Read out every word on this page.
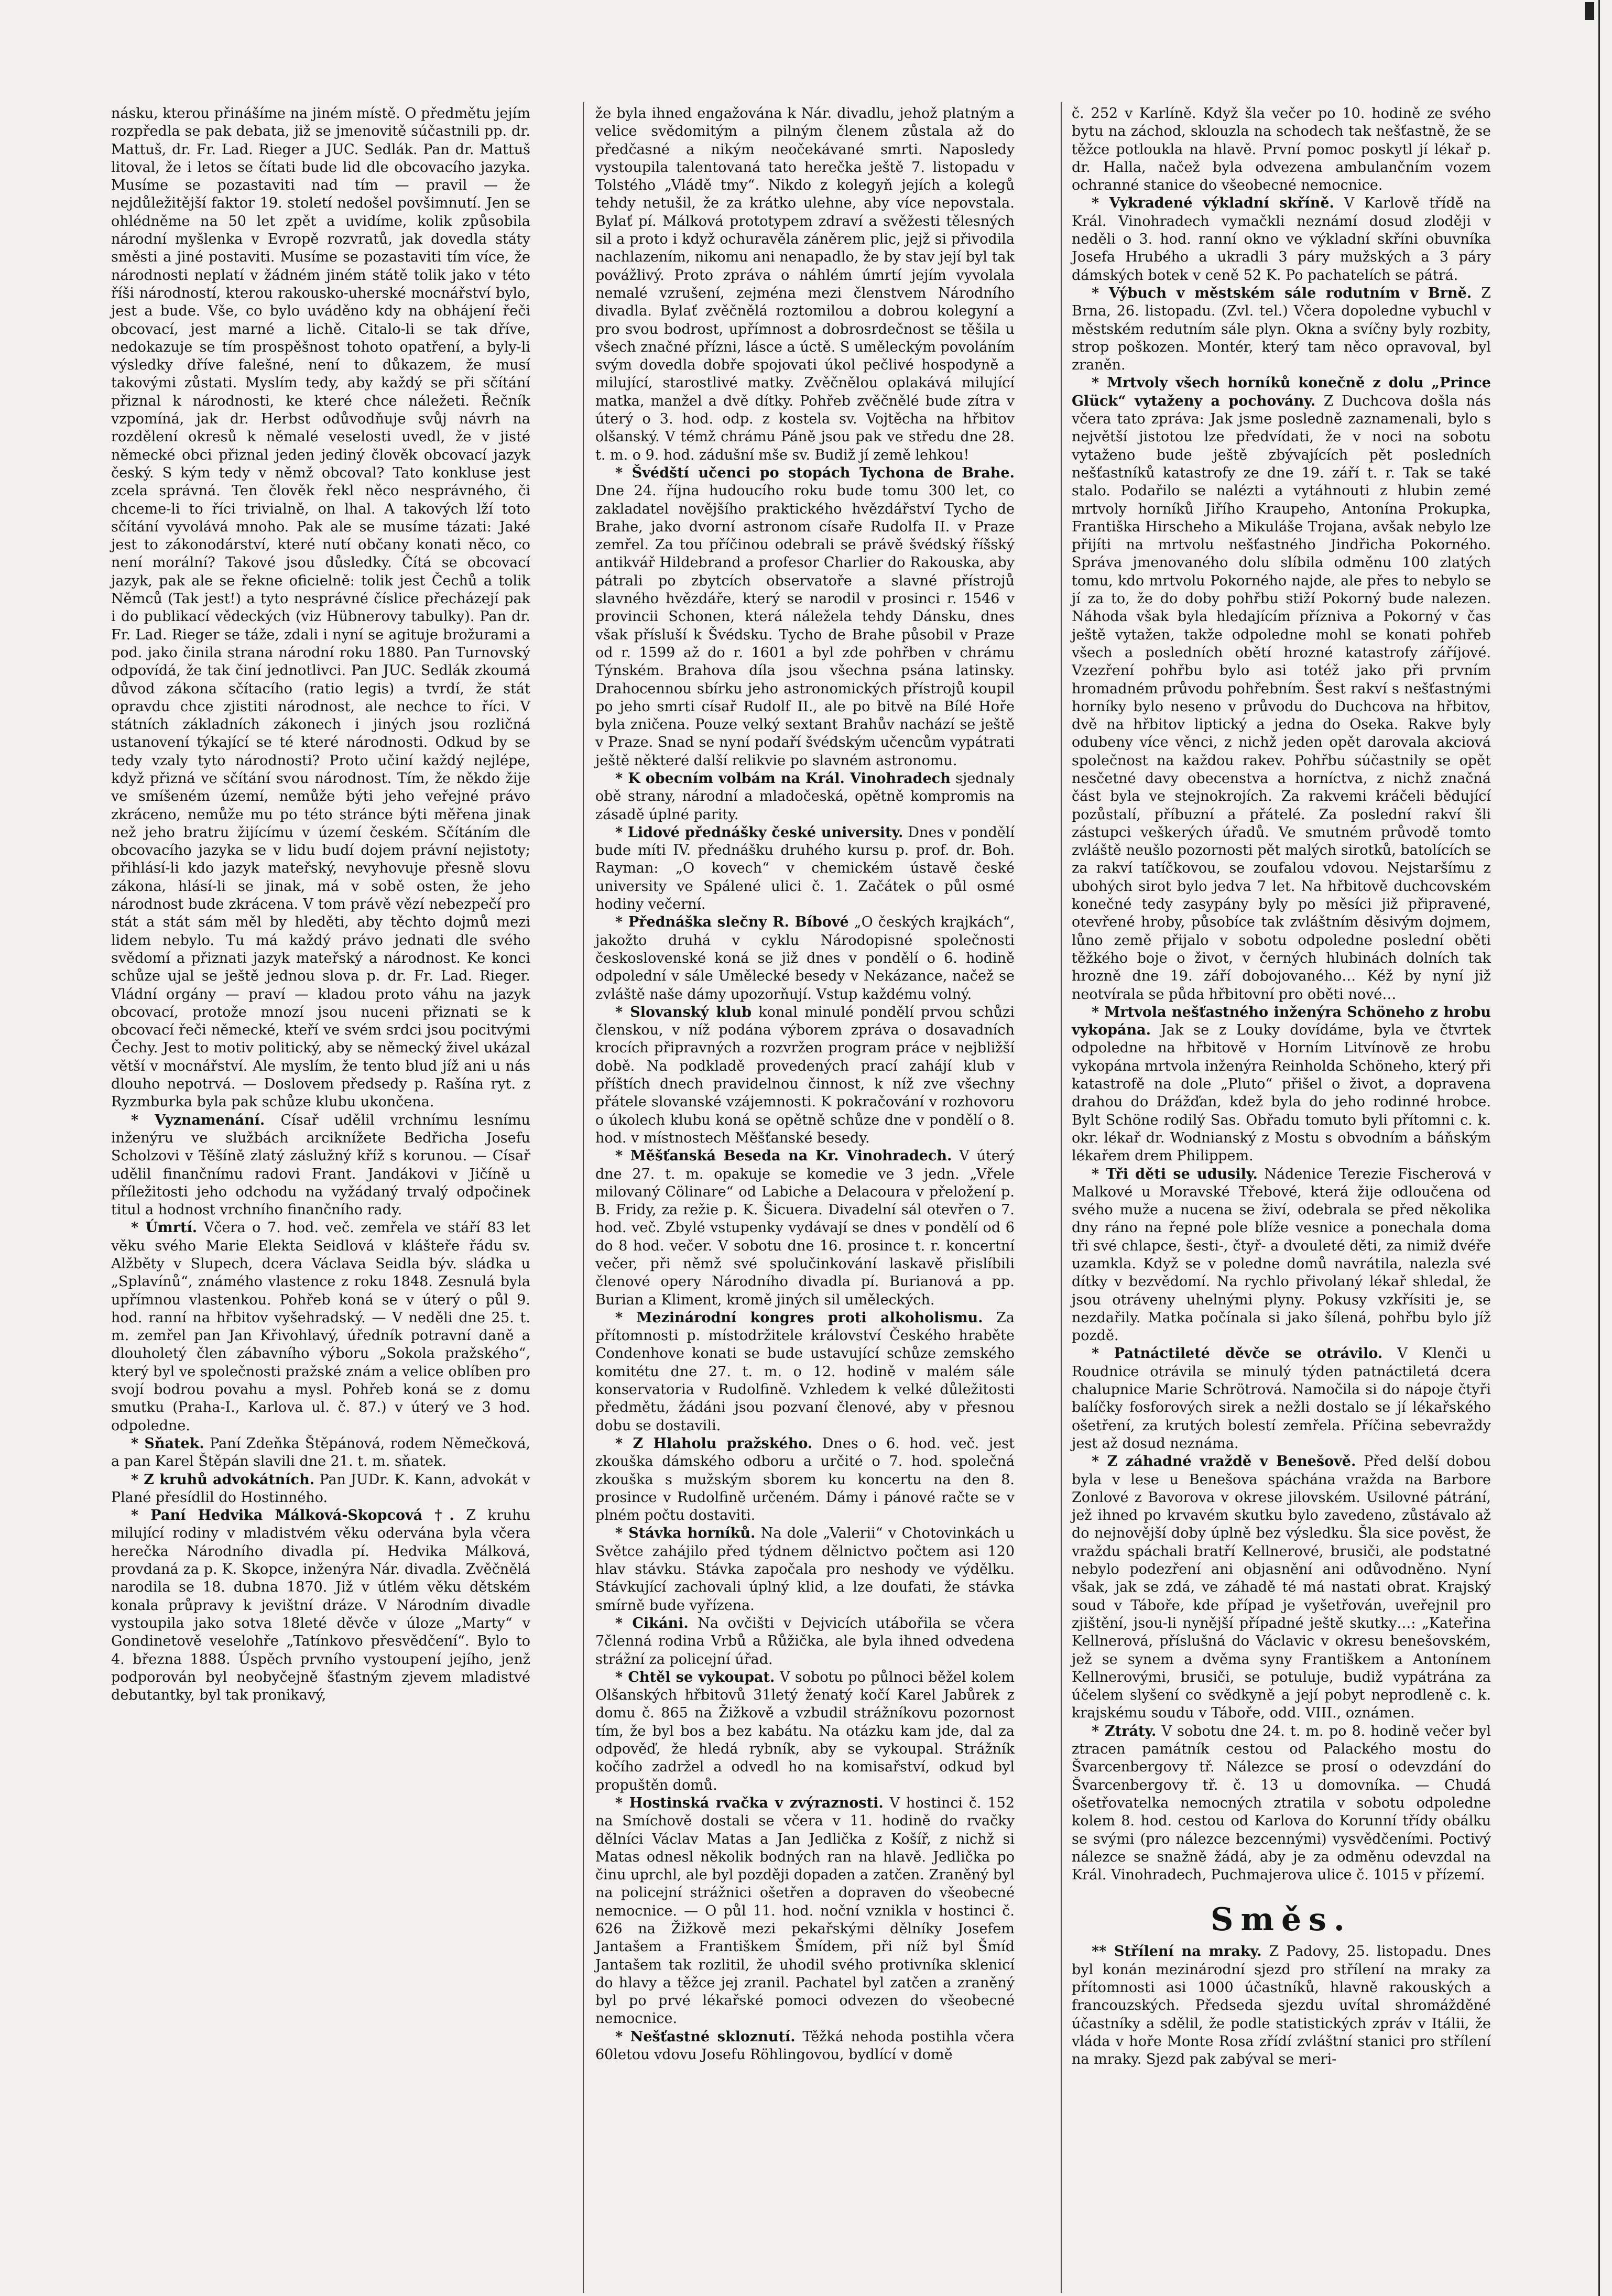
násku, kterou přinášíme na jiném místě. O předmětu jejím rozpředla se pak debata, již se jmenovitě súčastnili pp. dr. Mattuš, dr. Fr. Lad. Rieger a JUC. Sedlák. Pan dr. Mattuš litoval, že i letos se čítati bude lid dle obcovacího jazyka. Musíme se pozastaviti nad tím — pravil — že nejdůležitější faktor 19. století nedošel povšimnutí. Jen se ohlédněme na 50 let zpět a uvidíme, kolik způsobila národní myšlenka v Evropě rozvratů, jak dovedla státy směsti a jiné postaviti. Musíme se pozastaviti tím více, že národnosti neplatí v žádném jiném státě tolik jako v této říši národností, kterou rakousko-uherské mocnářství bylo, jest a bude. Vše, co bylo uváděno kdy na obhájení řeči obcovací, jest marné a lichě. Citalo-li se tak dříve, nedokazuje se tím prospěšnost tohoto opatření, a byly-li výsledky dříve falešné, není to důkazem, že musí takovými zůstati. Myslím tedy, aby každý se při sčítání přiznal k národnosti, ke které chce náležeti. Řečník vzpomíná, jak dr. Herbst odůvodňuje svůj návrh na rozdělení okresů k němalé veselosti uvedl, že v jisté německé obci přiznal jeden jediný člověk obcovací jazyk český. S kým tedy v němž obcoval? Tato konkluse jest zcela správná. Ten člověk řekl něco nesprávného, či chceme-li to říci trivialně, on lhal. A takových lží toto sčítání vyvolává mnoho. Pak ale se musíme tázati: Jaké jest to zákonodárství, které nutí občany konati něco, co není morální? Takové jsou důsledky. Čítá se obcovací jazyk, pak ale se řekne oficielně: tolik jest Čechů a tolik Němců (Tak jest!) a tyto nesprávné číslice přecházejí pak i do publikací vědeckých (viz Hübnerovy tabulky). Pan dr. Fr. Lad. Rieger se táže, zdali i nyní se agituje brožurami a pod. jako činila strana národní roku 1880. Pan Turnovský odpovídá, že tak činí jednotlivci. Pan JUC. Sedlák zkoumá důvod zákona sčítacího (ratio legis) a tvrdí, že stát opravdu chce zjistiti národnost, ale nechce to říci. V státních základních zákonech i jiných jsou rozličná ustanovení týkající se té které národnosti. Odkud by se tedy vzaly tyto národnosti? Proto učiní každý nejlépe, když přizná ve sčítání svou národnost. Tím, že někdo žije ve smíšeném území, nemůže býti jeho veřejné právo zkráceno, nemůže mu po této stránce býti měřena jinak než jeho bratru žijícímu v území českém. Sčítáním dle obcovacího jazyka se v lidu budí dojem právní nejistoty; přihlásí-li kdo jazyk mateřský, nevyhovuje přesně slovu zákona, hlásí-li se jinak, má v sobě osten, že jeho národnost bude zkrácena. V tom právě vězí nebezpečí pro stát a stát sám měl by hleděti, aby těchto dojmů mezi lidem nebylo. Tu má každý právo jednati dle svého svědomí a přiznati jazyk mateřský a národnost. Ke konci schůze ujal se ještě jednou slova p. dr. Fr. Lad. Rieger. Vládní orgány — praví — kladou proto váhu na jazyk obcovací, protože mnozí jsou nuceni přiznati se k obcovací řeči německé, kteří ve svém srdci jsou pocitvými Čechy. Jest to motiv politický, aby se německý živel ukázal větší v mocnářství. Ale myslím, že tento blud jíž ani u nás dlouho nepotrvá. — Doslovem předsedy p. Rašína ryt. z Ryzmburka byla pak schůze klubu ukončena.

* Vyznamenání. Císař udělil vrchnímu lesnímu inženýru ve službách arciknížete Bedřicha Josefu Scholzovi v Těšíně zlatý záslužný kříž s korunou. — Císař udělil finančnímu radovi Frant. Jandákovi v Jičíně u příležitosti jeho odchodu na vyžádaný trvalý odpočinek titul a hodnost vrchního finančního rady.

* Úmrtí. Včera o 7. hod. več. zemřela ve stáří 83 let věku svého Marie Elekta Seidlová v klášteře řádu sv. Alžběty v Slupech, dcera Václava Seidla býv. sládka u „Splavínů“, známého vlastence z roku 1848. Zesnulá byla upřímnou vlastenkou. Pohřeb koná se v úterý o půl 9. hod. ranní na hřbitov vyšehradský. — V neděli dne 25. t. m. zemřel pan Jan Křivohlavý, úředník potravní daně a dlouholetý člen zábavního výboru „Sokola pražského“, který byl ve společnosti pražské znám a velice oblíben pro svojí bodrou povahu a mysl. Pohřeb koná se z domu smutku (Praha-I., Karlova ul. č. 87.) v úterý ve 3 hod. odpoledne.

* Sňatek. Paní Zdeňka Štěpánová, rodem Němečková, a pan Karel Štěpán slavili dne 21. t. m. sňatek.

* Z kruhů advokátních. Pan JUDr. K. Kann, advokát v Plané přesídlil do Hostinného.

* Paní Hedvika Málková-Skopcová †. Z kruhu milující rodiny v mladistvém věku odervána byla včera herečka Národního divadla pí. Hedvika Málková, provdaná za p. K. Skopce, inženýra Nár. divadla. Zvěčnělá narodila se 18. dubna 1870. Již v útlém věku dětském konala průpravy k jevištní dráze. V Národním divadle vystoupila jako sotva 18leté děvče v úloze „Marty“ v Gondinetově veselohře „Tatínkovo přesvědčení“. Bylo to 4. března 1888. Úspěch prvního vystoupení jejího, jenž podporován byl neobyčejně šťastným zjevem mladistvé debutantky, byl tak pronikavý,

že byla ihned engažována k Nár. divadlu, jehož platným a velice svědomitým a pilným členem zůstala až do předčasné a nikým neočekávané smrti. Naposledy vystoupila talentovaná tato herečka ještě 7. listopadu v Tolstého „Vládě tmy“. Nikdo z kolegyň jejích a kolegů tehdy netušil, že za krátko ulehne, aby více nepovstala. Bylať pí. Málková prototypem zdraví a svěžesti tělesných sil a proto i když ochuravěla záněrem plic, jejž si přivodila nachlazením, nikomu ani nenapadlo, že by stav její byl tak povážlivý. Proto zpráva o náhlém úmrtí jejím vyvolala nemalé vzrušení, zejména mezi členstvem Národního divadla. Bylať zvěčnělá roztomilou a dobrou kolegyní a pro svou bodrost, upřímnost a dobrosrdečnost se těšila u všech značné přízni, lásce a úctě. S uměleckým povoláním svým dovedla dobře spojovati úkol pečlivé hospodyně a milující, starostlivé matky. Zvěčnělou oplakává milující matka, manžel a dvě dítky. Pohřeb zvěčnělé bude zítra v úterý o 3. hod. odp. z kostela sv. Vojtěcha na hřbitov olšanský. V témž chrámu Páně jsou pak ve středu dne 28. t. m. o 9. hod. zádušní mše sv. Budiž jí země lehkou!

* Švédští učenci po stopách Tychona de Brahe. Dne 24. října hudoucího roku bude tomu 300 let, co zakladatel novějšího praktického hvězdářství Tycho de Brahe, jako dvorní astronom císaře Rudolfa II. v Praze zemřel. Za tou příčinou odebrali se právě švédský říšský antikvář Hildebrand a profesor Charlier do Rakouska, aby pátrali po zbytcích observatoře a slavné přístrojů slavného hvězdáře, který se narodil v prosinci r. 1546 v provincii Schonen, která náležela tehdy Dánsku, dnes však přísluší k Švédsku. Tycho de Brahe působil v Praze od r. 1599 až do r. 1601 a byl zde pohřben v chrámu Týnském. Brahova díla jsou všechna psána latinsky. Drahocennou sbírku jeho astronomických přístrojů koupil po jeho smrti císař Rudolf II., ale po bitvě na Bílé Hoře byla zničena. Pouze velký sextant Brahův nachází se ještě v Praze. Snad se nyní podaří švédským učencům vypátrati ještě některé další relikvie po slavném astronomu.

* K obecním volbám na Král. Vinohradech sjednaly obě strany, národní a mladočeská, opětně kompromis na zásadě úplné parity.

* Lidové přednášky české university. Dnes v pondělí bude míti IV. přednášku druhého kursu p. prof. dr. Boh. Rayman: „O kovech“ v chemickém ústavě české university ve Spálené ulici č. 1. Začátek o půl osmé hodiny večerní.

* Přednáška slečny R. Bíbové „O českých krajkách“, jakožto druhá v cyklu Národopisné společnosti československé koná se již dnes v pondělí o 6. hodině odpolední v sále Umělecké besedy v Nekázance, načež se zvláště naše dámy upozorňují. Vstup každému volný.

* Slovanský klub konal minulé pondělí prvou schůzi členskou, v níž podána výborem zpráva o dosavadních krocích připravných a rozvržen program práce v nejbližší době. Na podkladě provedených prací zahájí klub v příštích dnech pravidelnou činnost, k níž zve všechny přátele slovanské vzájemnosti. K pokračování v rozhovoru o úkolech klubu koná se opětně schůze dne v pondělí o 8. hod. v místnostech Měšťanské besedy.

* Měšťanská Beseda na Kr. Vinohradech. V úterý dne 27. t. m. opakuje se komedie ve 3 jedn. „Vřele milovaný Cölinare“ od Labiche a Delacoura v přeložení p. B. Fridy, za režie p. K. Šicuera. Divadelní sál otevřen o 7. hod. več. Zbylé vstupenky vydávají se dnes v pondělí od 6 do 8 hod. večer. V sobotu dne 16. prosince t. r. koncertní večer, při němž své spolučinkování laskavě přislíbili členové opery Národního divadla pí. Burianová a pp. Burian a Kliment, kromě jiných sil uměleckých.

* Mezinárodní kongres proti alkoholismu. Za přítomnosti p. místodržitele království Českého hraběte Condenhove konati se bude ustavující schůze zemského komitétu dne 27. t. m. o 12. hodině v malém sále konservatoria v Rudolfině. Vzhledem k velké důležitosti předmětu, žádáni jsou pozvaní členové, aby v přesnou dobu se dostavili.

* Z Hlaholu pražského. Dnes o 6. hod. več. jest zkouška dámského odboru a určité o 7. hod. společná zkouška s mužským sborem ku koncertu na den 8. prosince v Rudolfině určeném. Dámy i pánové račte se v plném počtu dostaviti.

* Stávka horníků. Na dole „Valerii“ v Chotovinkách u Světce zahájilo před týdnem dělnictvo počtem asi 120 hlav stávku. Stávka započala pro neshody ve výdělku. Stávkující zachovali úplný klid, a lze doufati, že stávka smírně bude vyřízena.

* Cikáni. Na ovčišti v Dejvicích utábořila se včera 7členná rodina Vrbů a Růžička, ale byla ihned odvedena strážní za policejní úřad.

* Chtěl se vykoupat. V sobotu po půlnoci běžel kolem Olšanských hřbitovů 31letý ženatý kočí Karel Jabůrek z domu č. 865 na Žižkově a vzbudil strážníkovu pozornost tím, že byl bos a bez kabátu. Na otázku kam jde, dal za odpověď, že hledá rybník, aby se vykoupal. Strážník kočího zadržel a odvedl ho na komisařství, odkud byl propuštěn domů.

* Hostinská rvačka v zvýraznosti. V hostinci č. 152 na Smíchově dostali se včera v 11. hodině do rvačky dělníci Václav Matas a Jan Jedlička z Košíř, z nichž si Matas odnesl několik bodných ran na hlavě. Jedlička po činu uprchl, ale byl později dopaden a zatčen. Zraněný byl na policejní strážnici ošetřen a dopraven do všeobecné nemocnice. — O půl 11. hod. noční vznikla v hostinci č. 626 na Žižkově mezi pekařskými dělníky Josefem Jantašem a Františkem Šmídem, při níž byl Šmíd Jantašem tak rozlitil, že uhodil svého protivníka sklenicí do hlavy a těžce jej zranil. Pachatel byl zatčen a zraněný byl po prvé lékařské pomoci odvezen do všeobecné nemocnice.

* Nešťastné skloznutí. Těžká nehoda postihla včera 60letou vdovu Josefu Röhlingovou, bydlící v domě

č. 252 v Karlíně. Když šla večer po 10. hodině ze svého bytu na záchod, sklouzla na schodech tak nešťastně, že se těžce potloukla na hlavě. První pomoc poskytl jí lékař p. dr. Halla, načež byla odvezena ambulančním vozem ochranné stanice do všeobecné nemocnice.

* Vykradené výkladní skříně. V Karlově třídě na Král. Vinohradech vymačkli neznámí dosud zloději v neděli o 3. hod. ranní okno ve výkladní skříni obuvníka Josefa Hrubého a ukradli 3 páry mužských a 3 páry dámských botek v ceně 52 K. Po pachatelích se pátrá.

* Výbuch v městském sále rodutním v Brně. Z Brna, 26. listopadu. (Zvl. tel.) Včera dopoledne vybuchl v městském redutním sále plyn. Okna a svíčny byly rozbity, strop poškozen. Montér, který tam něco opravoval, byl zraněn.

* Mrtvoly všech horníků konečně z dolu „Prince Glück“ vytaženy a pochovány. Z Duchcova došla nás včera tato zpráva: Jak jsme posledně zaznamenali, bylo s největší jistotou lze předvídati, že v noci na sobotu vytaženo bude ještě zbývajících pět posledních nešťastníků katastrofy ze dne 19. září t. r. Tak se také stalo. Podařilo se nalézti a vytáhnouti z hlubin zemé mrtvoly horníků Jiřího Kraupeho, Antonína Prokupka, Františka Hirscheho a Mikuláše Trojana, avšak nebylo lze přijíti na mrtvolu nešťastného Jindřicha Pokorného. Správa jmenovaného dolu slíbila odměnu 100 zlatých tomu, kdo mrtvolu Pokorného najde, ale přes to nebylo se jí za to, že do doby pohřbu stiží Pokorný bude nalezen. Náhoda však byla hledajícím přízniva a Pokorný v čas ještě vytažen, takže odpoledne mohl se konati pohřeb všech a posledních obětí hrozné katastrofy záříjové. Vzezření pohřbu bylo asi totéž jako při prvním hromadném průvodu pohřebním. Šest rakví s nešťastnými horníky bylo neseno v průvodu do Duchcova na hřbitov, dvě na hřbitov liptický a jedna do Oseka. Rakve byly odubeny více věnci, z nichž jeden opět darovala akciová společnost na každou rakev. Pohřbu súčastnily se opět nesčetné davy obecenstva a horníctva, z nichž značná část byla ve stejnokrojích. Za rakvemi kráčeli bědující pozůstalí, příbuzní a přátelé. Za poslední rakví šli zástupci veškerých úřadů. Ve smutném průvodě tomto zvláště neušlo pozornosti pět malých sirotků, batolících se za rakví tatíčkovou, se zoufalou vdovou. Nejstaršímu z ubohých sirot bylo jedva 7 let. Na hřbitově duchcovském konečné tedy zasypány byly po měsíci již připravené, otevřené hroby, působíce tak zvláštním děsivým dojmem, lůno země přijalo v sobotu odpoledne poslední oběti těžkého boje o život, v černých hlubinách dolních tak hrozně dne 19. září dobojovaného… Kéž by nyní již neotvírala se půda hřbitovní pro oběti nové…

* Mrtvola nešťastného inženýra Schöneho z hrobu vykopána. Jak se z Louky dovídáme, byla ve čtvrtek odpoledne na hřbitově v Horním Litvínově ze hrobu vykopána mrtvola inženýra Reinholda Schöneho, který při katastrofě na dole „Pluto“ přišel o život, a dopravena drahou do Drážďan, kdež byla do jeho rodinné hrobce. Bylt Schöne rodilý Sas. Obřadu tomuto byli přítomni c. k. okr. lékař dr. Wodnianský z Mostu s obvodním a báňským lékařem drem Philippem.

* Tři děti se udusily. Nádenice Terezie Fischerová v Malkové u Moravské Třebové, která žije odloučena od svého muže a nucena se živí, odebrala se před několika dny ráno na řepné pole blíže vesnice a ponechala doma tři své chlapce, šesti-, čtyř- a dvouleté děti, za nimiž dvéře uzamkla. Když se v poledne domů navrátila, nalezla své dítky v bezvědomí. Na rychlo přivolaný lékař shledal, že jsou otráveny uhelnými plyny. Pokusy vzkřísiti je, se nezdařily. Matka počínala si jako šílená, pohřbu bylo jíž pozdě.

* Patnáctileté děvče se otrávilo. V Klenči u Roudnice otrávila se minulý týden patnáctiletá dcera chalupnice Marie Schrötrová. Namočila si do nápoje čtyři balíčky fosforových sirek a nežli dostalo se jí lékařského ošetření, za krutých bolestí zemřela. Příčina sebevraždy jest až dosud neznáma.

* Z záhadné vraždě v Benešově. Před delší dobou byla v lese u Benešova spáchána vražda na Barbore Zonlové z Bavorova v okrese jilovském. Usilovné pátrání, jež ihned po krvavém skutku bylo zavedeno, zůstávalo až do nejnovější doby úplně bez výsledku. Šla sice pověst, že vraždu spáchali bratří Kellnerové, brusiči, ale podstatné nebylo podezření ani objasnění ani odůvodněno. Nyní však, jak se zdá, ve záhadě té má nastati obrat. Krajský soud v Táboře, kde případ je vyšetřován, uveřejnil pro zjištění, jsou-li nynější případné ještě skutky…: „Kateřina Kellnerová, příslušná do Václavic v okresu benešovském, jež se synem a dvěma syny Františkem a Antonínem Kellnerovými, brusiči, se potuluje, budiž vypátrána za účelem slyšení co svědkyně a její pobyt neprodleně c. k. krajskému soudu v Táboře, odd. VIII., oznámen.

* Ztráty. V sobotu dne 24. t. m. po 8. hodině večer byl ztracen památník cestou od Palackého mostu do Švarcenbergovy tř. Nálezce se prosí o odevzdání do Švarcenbergovy tř. č. 13 u domovníka. — Chudá ošetřovatelka nemocných ztratila v sobotu odpoledne kolem 8. hod. cestou od Karlova do Korunní třídy obálku se svými (pro nálezce bezcennými) vysvědčeními. Poctivý nálezce se snažně žádá, aby je za odměnu odevzdal na Král. Vinohradech, Puchmajerova ulice č. 1015 v přízemí.

Směs.

** Střílení na mraky. Z Padovy, 25. listopadu. Dnes byl konán mezinárodní sjezd pro střílení na mraky za přítomnosti asi 1000 účastníků, hlavně rakouských a francouzských. Předseda sjezdu uvítal shromážděné účastníky a sdělil, že podle statistických zpráv v Itálii, že vláda v hoře Monte Rosa zřídí zvláštní stanici pro střílení na mraky. Sjezd pak zabýval se meri-
